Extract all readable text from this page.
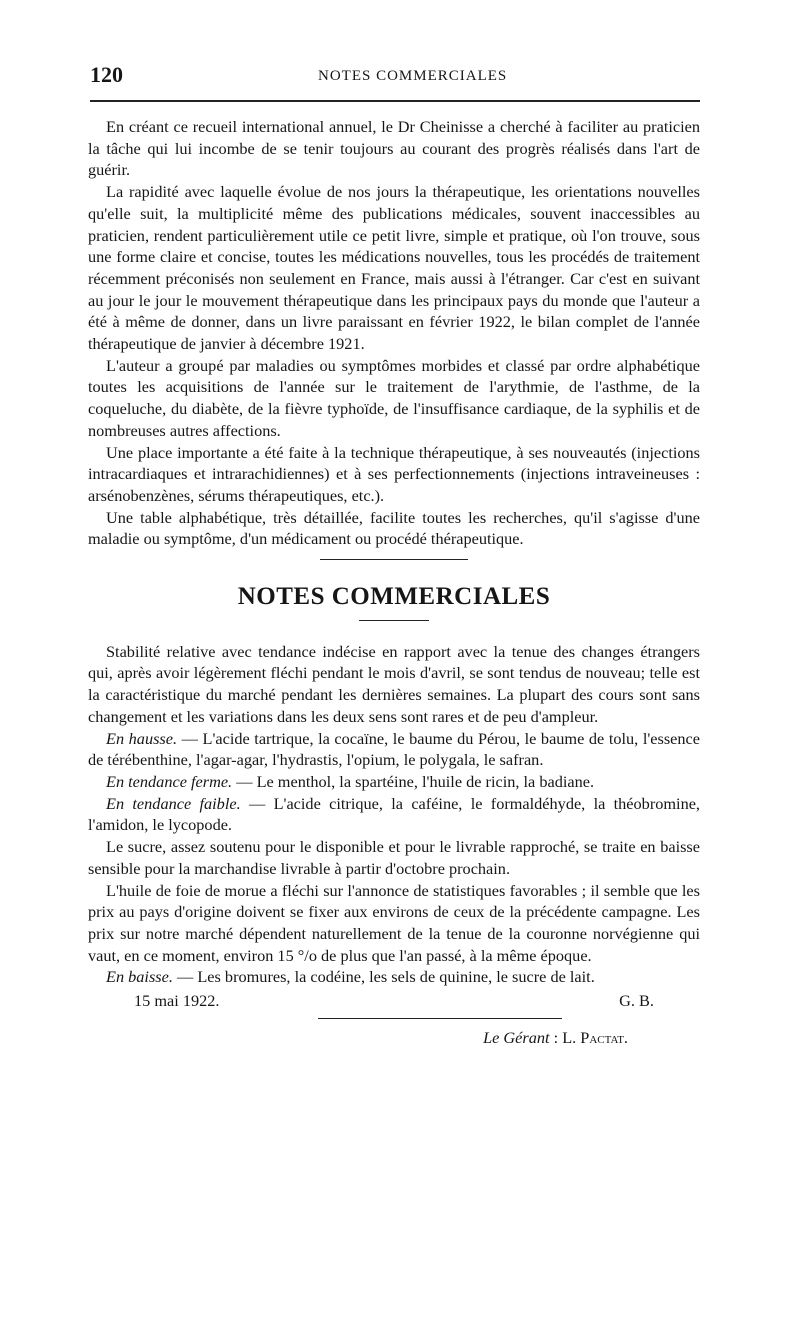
120	NOTES COMMERCIALES

En créant ce recueil international annuel, le Dr Cheinisse a cherché à faciliter au praticien la tâche qui lui incombe de se tenir toujours au courant des progrès réalisés dans l'art de guérir.

La rapidité avec laquelle évolue de nos jours la thérapeutique, les orientations nouvelles qu'elle suit, la multiplicité même des publications médicales, souvent inaccessibles au praticien, rendent particulièrement utile ce petit livre, simple et pratique, où l'on trouve, sous une forme claire et concise, toutes les médications nouvelles, tous les procédés de traitement récemment préconisés non seulement en France, mais aussi à l'étranger. Car c'est en suivant au jour le jour le mouvement thérapeutique dans les principaux pays du monde que l'auteur a été à même de donner, dans un livre paraissant en février 1922, le bilan complet de l'année thérapeutique de janvier à décembre 1921.

L'auteur a groupé par maladies ou symptômes morbides et classé par ordre alphabétique toutes les acquisitions de l'année sur le traitement de l'arythmie, de l'asthme, de la coqueluche, du diabète, de la fièvre typhoïde, de l'insuffisance cardiaque, de la syphilis et de nombreuses autres affections.

Une place importante a été faite à la technique thérapeutique, à ses nouveautés (injections intracardiaques et intrarachidiennes) et à ses perfectionnements (injections intraveineuses : arsénobenzènes, sérums thérapeutiques, etc.).

Une table alphabétique, très détaillée, facilite toutes les recherches, qu'il s'agisse d'une maladie ou symptôme, d'un médicament ou procédé thérapeutique.

NOTES COMMERCIALES

Stabilité relative avec tendance indécise en rapport avec la tenue des changes étrangers qui, après avoir légèrement fléchi pendant le mois d'avril, se sont tendus de nouveau; telle est la caractéristique du marché pendant les dernières semaines. La plupart des cours sont sans changement et les variations dans les deux sens sont rares et de peu d'ampleur.

En hausse. — L'acide tartrique, la cocaïne, le baume du Pérou, le baume de tolu, l'essence de térébenthine, l'agar-agar, l'hydrastis, l'opium, le polygala, le safran.

En tendance ferme. — Le menthol, la spartéine, l'huile de ricin, la badiane.

En tendance faible. — L'acide citrique, la caféine, le formaldéhyde, la théobromine, l'amidon, le lycopode.

Le sucre, assez soutenu pour le disponible et pour le livrable rapproché, se traite en baisse sensible pour la marchandise livrable à partir d'octobre prochain.

L'huile de foie de morue a fléchi sur l'annonce de statistiques favorables ; il semble que les prix au pays d'origine doivent se fixer aux environs de ceux de la précédente campagne. Les prix sur notre marché dépendent naturellement de la tenue de la couronne norvégienne qui vaut, en ce moment, environ 15 °/o de plus que l'an passé, à la même époque.

En baisse. — Les bromures, la codéine, les sels de quinine, le sucre de lait.

15 mai 1922.	G. B.
Le Gérant : L. Pactat.
